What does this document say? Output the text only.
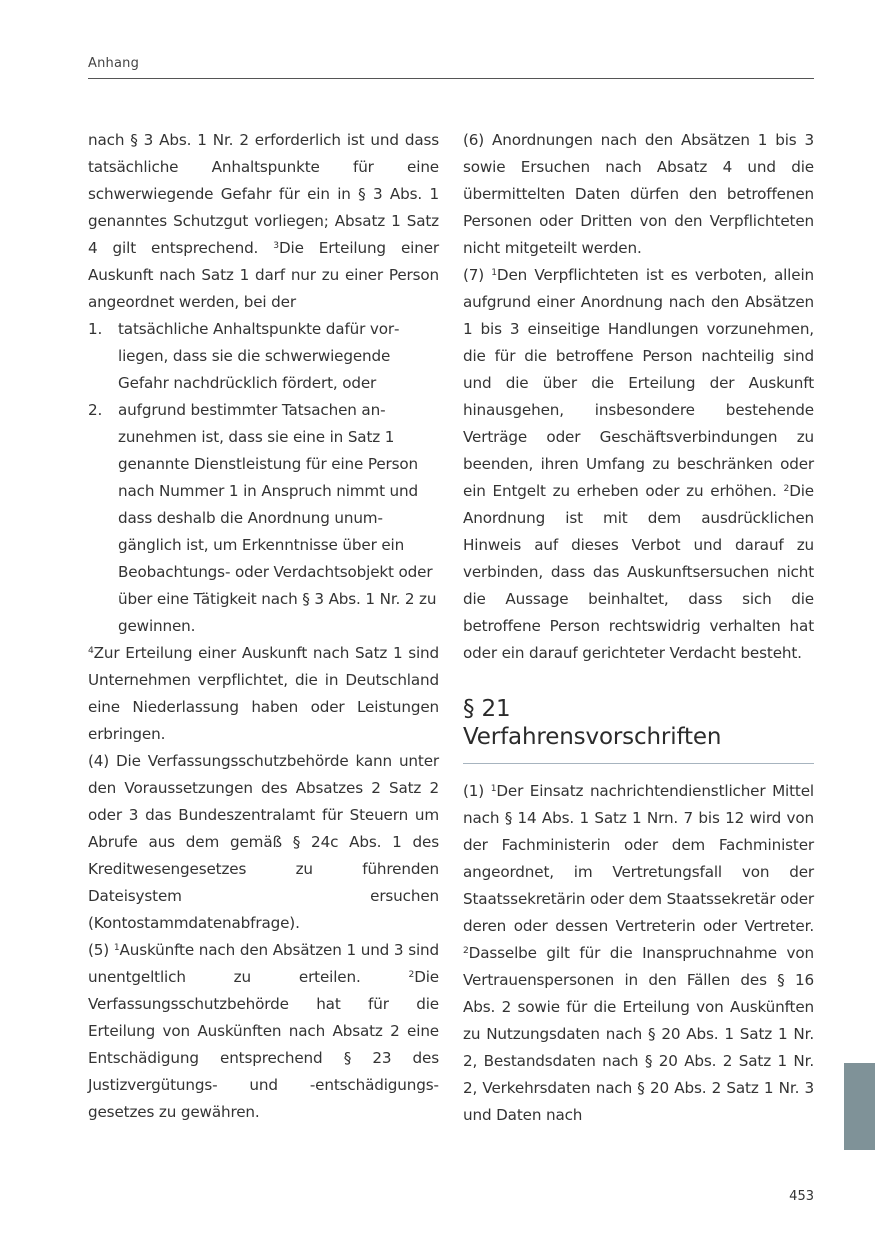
Anhang

nach § 3 Abs. 1 Nr. 2 erforderlich ist und dass tatsächliche Anhaltspunkte für eine schwerwiegende Gefahr für ein in § 3 Abs. 1 genanntes Schutzgut vorliegen; Absatz 1 Satz 4 gilt entsprechend. $^3$Die Erteilung einer Auskunft nach Satz 1 darf nur zu einer Person angeordnet werden, bei der

1. tatsächliche Anhaltspunkte dafür vorliegen, dass sie die schwerwiegende Gefahr nachdrücklich fördert, oder
2. aufgrund bestimmter Tatsachen anzunehmen ist, dass sie eine in Satz 1 genannte Dienstleistung für eine Person nach Nummer 1 in Anspruch nimmt und dass deshalb die Anordnung unumgänglich ist, um Erkenntnisse über ein Beobachtungs- oder Verdachtsobjekt oder über eine Tätigkeit nach § 3 Abs. 1 Nr. 2 zu gewinnen.

$^4$Zur Erteilung einer Auskunft nach Satz 1 sind Unternehmen verpflichtet, die in Deutschland eine Niederlassung haben oder Leistungen erbringen.

(4) Die Verfassungsschutzbehörde kann unter den Voraussetzungen des Absatzes 2 Satz 2 oder 3 das Bundeszentralamt für Steuern um Abrufe aus dem gemäß § 24c Abs. 1 des Kreditwesengesetzes zu führenden Dateisystem ersuchen (Kontostammdatenabfrage).

(5) $^1$Auskünfte nach den Absätzen 1 und 3 sind unentgeltlich zu erteilen. $^2$Die Verfassungsschutzbehörde hat für die Erteilung von Auskünften nach Absatz 2 eine Entschädigung entsprechend § 23 des Justizvergütungs- und -entschädigungsgesetzes zu gewähren.

(6) Anordnungen nach den Absätzen 1 bis 3 sowie Ersuchen nach Absatz 4 und die übermittelten Daten dürfen den betroffenen Personen oder Dritten von den Verpflichteten nicht mitgeteilt werden.

(7) $^1$Den Verpflichteten ist es verboten, allein aufgrund einer Anordnung nach den Absätzen 1 bis 3 einseitige Handlungen vorzunehmen, die für die betroffene Person nachteilig sind und die über die Erteilung der Auskunft hinausgehen, insbesondere bestehende Verträge oder Geschäftsverbindungen zu beenden, ihren Umfang zu beschränken oder ein Entgelt zu erheben oder zu erhöhen. $^2$Die Anordnung ist mit dem ausdrücklichen Hinweis auf dieses Verbot und darauf zu verbinden, dass das Auskunftsersuchen nicht die Aussage beinhaltet, dass sich die betroffene Person rechtswidrig verhalten hat oder ein darauf gerichteter Verdacht besteht.

§ 21
Verfahrensvorschriften

(1) $^1$Der Einsatz nachrichtendienstlicher Mittel nach § 14 Abs. 1 Satz 1 Nrn. 7 bis 12 wird von der Fachministerin oder dem Fachminister angeordnet, im Vertretungsfall von der Staatssekretärin oder dem Staatssekretär oder deren oder dessen Vertreterin oder Vertreter. $^2$Dasselbe gilt für die Inanspruchnahme von Vertrauenspersonen in den Fällen des § 16 Abs. 2 sowie für die Erteilung von Auskünften zu Nutzungsdaten nach § 20 Abs. 1 Satz 1 Nr. 2, Bestandsdaten nach § 20 Abs. 2 Satz 1 Nr. 2, Verkehrsdaten nach § 20 Abs. 2 Satz 1 Nr. 3 und Daten nach

453
